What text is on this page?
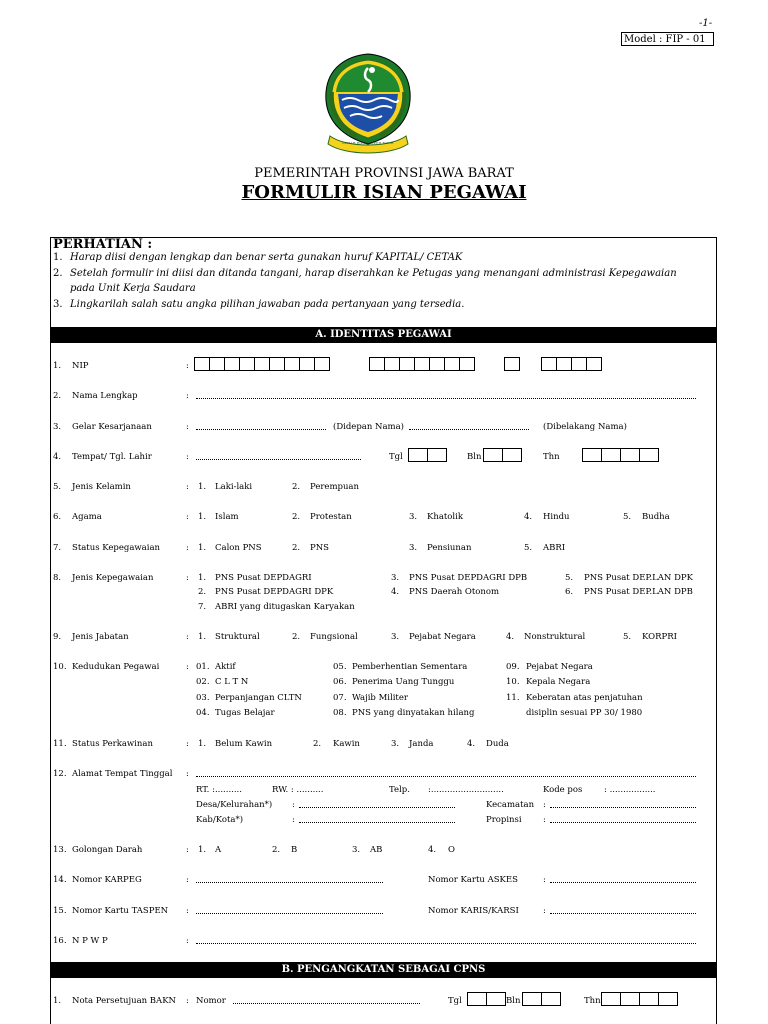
-1-
Model : FIP - 01
GEMAH RIPAH REPEH RAPIH
PEMERINTAH PROVINSI JAWA BARAT
FORMULIR ISIAN PEGAWAI
PERHATIAN :
1. Harap diisi dengan lengkap dan benar serta gunakan huruf KAPITAL/ CETAK
2. Setelah formulir ini diisi dan ditanda tangani, harap diserahkan ke Petugas yang menangani administrasi Kepegawaian
pada Unit Kerja Saudara
3. Lingkarilah salah satu angka pilihan jawaban pada pertanyaan yang tersedia.
A. IDENTITAS PEGAWAI
1. NIP	:
2. Nama Lengkap	:
3. Gelar Kesarjanaan	:	(Didepan Nama)	(Dibelakang Nama)
4. Tempat/ Tgl. Lahir	:	Tgl	Bln	Thn
5. Jenis Kelamin	: 1. Laki-laki	2. Perempuan
6. Agama	: 1. Islam	2. Protestan	3. Khatolik	4. Hindu	5. Budha
7. Status Kepegawaian	: 1. Calon PNS	2. PNS	3. Pensiunan	5. ABRI
8. Jenis Kepegawaian	: 1. PNS Pusat DEPDAGRI	3. PNS Pusat DEPDAGRI DPB	5. PNS Pusat DEP.LAN DPK
2. PNS Pusat DEPDAGRI DPK	4. PNS Daerah Otonom	6. PNS Pusat DEP.LAN DPB
7. ABRI yang ditugaskan Karyakan
9. Jenis Jabatan	: 1. Struktural	2. Fungsional	3. Pejabat Negara	4. Nonstruktural	5. KORPRI
10. Kedudukan Pegawai	: 01. Aktif	05. Pemberhentian Sementara	09. Pejabat Negara
02. C L T N	06. Penerima Uang Tunggu	10. Kepala Negara
03. Perpanjangan CLTN	07. Wajib Militer	11. Keberatan atas penjatuhan
04. Tugas Belajar	08. PNS yang dinyatakan hilang	disiplin sesuai PP 30/ 1980
11. Status Perkawinan	: 1. Belum Kawin	2. Kawin	3. Janda	4. Duda
12. Alamat Tempat Tinggal :
RT. :..........	RW. : ..........	Telp. :...........................	Kode pos	: .................
Desa/Kelurahan*) :	Kecamatan :
Kab/Kota*)	:	Propinsi	:
13. Golongan Darah	: 1. A	2. B	3. AB	4. O
14. Nomor KARPEG	:	Nomor Kartu ASKES	:
15. Nomor Kartu TASPEN :	Nomor KARIS/KARSI	:
16. N P W P	:
B. PENGANGKATAN SEBAGAI CPNS
1. Nota Persetujuan BAKN : Nomor	Tgl	Bln	Thn
